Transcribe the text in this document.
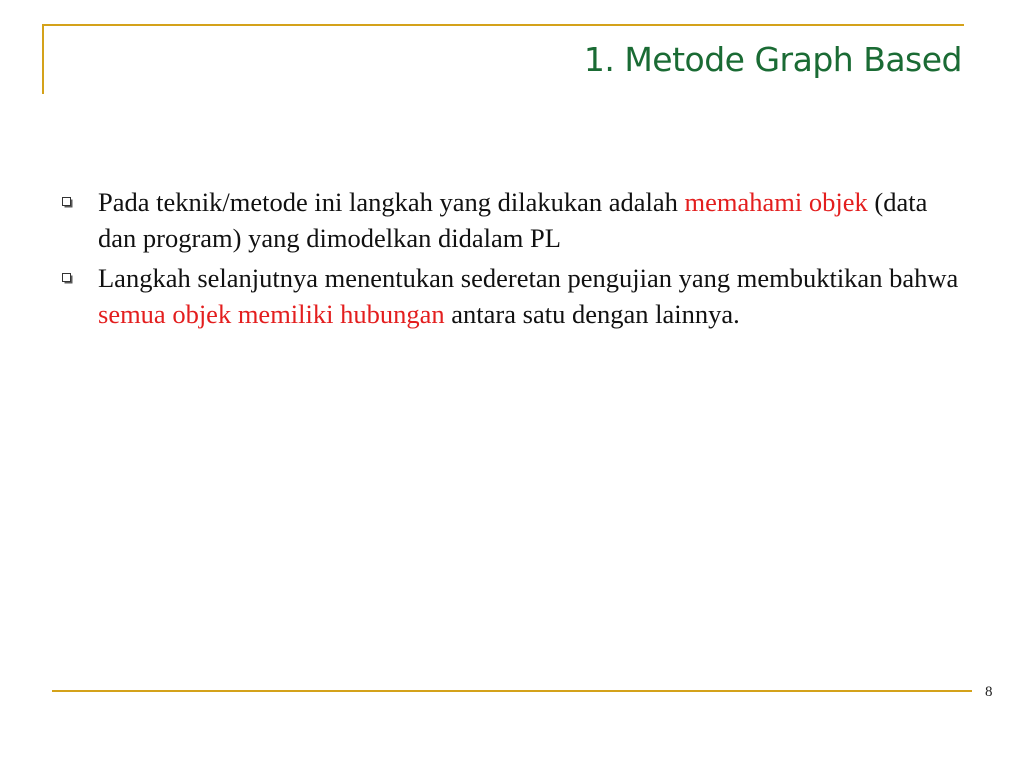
1. Metode Graph Based
Pada teknik/metode ini langkah yang dilakukan adalah memahami objek (data dan program) yang dimodelkan didalam PL
Langkah selanjutnya menentukan sederetan pengujian yang membuktikan bahwa semua objek memiliki hubungan antara satu dengan lainnya.
8
